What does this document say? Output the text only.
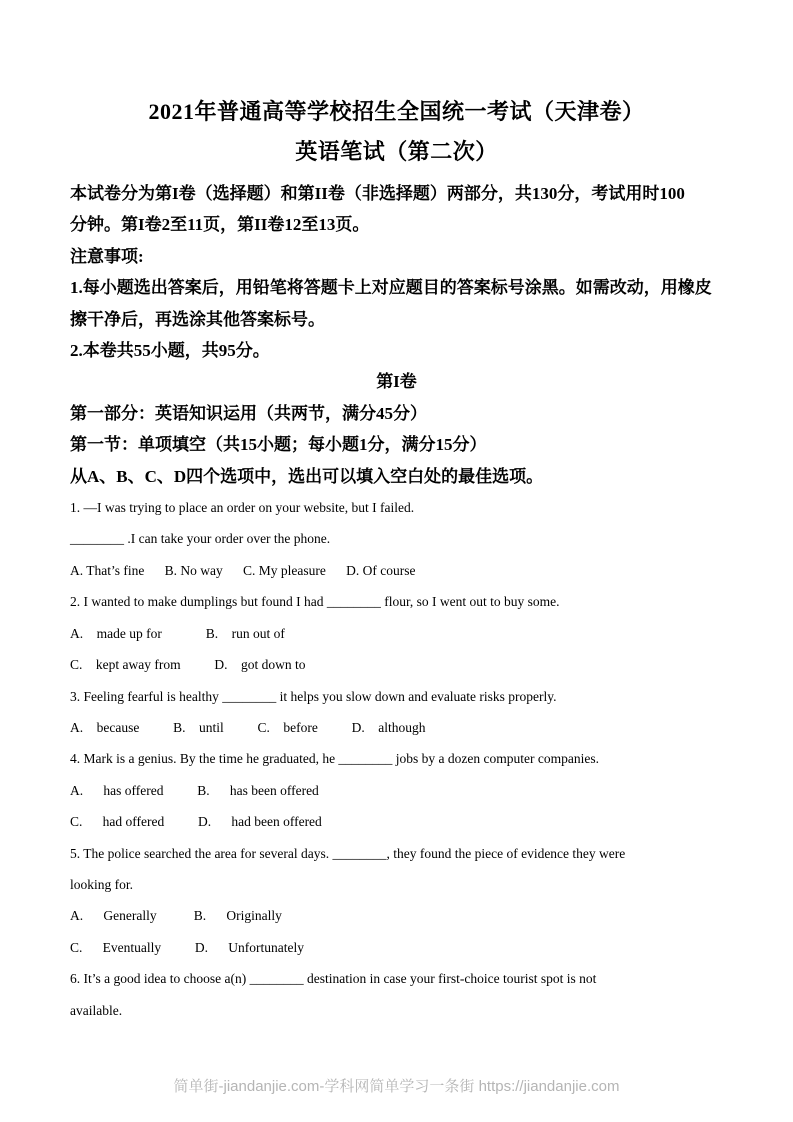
2021年普通高等学校招生全国统一考试（天津卷）
英语笔试（第二次）
本试卷分为第I卷（选择题）和第II卷（非选择题）两部分，共130分，考试用时100
分钟。第I卷2至11页，第II卷12至13页。
注意事项:
1.每小题选出答案后，用铅笔将答题卡上对应题目的答案标号涂黑。如需改动，用橡皮
擦干净后，再选涂其他答案标号。
2.本卷共55小题，共95分。
第I卷
第一部分：英语知识运用（共两节，满分45分）
第一节：单项填空（共15小题；每小题1分，满分15分）
从A、B、C、D四个选项中，选出可以填入空白处的最佳选项。
1. —I was trying to place an order on your website, but I failed.
________ .I can take your order over the phone.
A. That’s fine      B. No way      C. My pleasure      D. Of course
2. I wanted to make dumplings but found I had ________ flour, so I went out to buy some.
A.    made up for             B.    run out of
C.    kept away from          D.    got down to
3. Feeling fearful is healthy ________ it helps you slow down and evaluate risks properly.
A.    because          B.    until          C.    before          D.    although
4. Mark is a genius. By the time he graduated, he ________ jobs by a dozen computer companies.
A.      has offered          B.      has been offered
C.      had offered          D.      had been offered
5. The police searched the area for several days. ________, they found the piece of evidence they were
looking for.
A.      Generally           B.      Originally
C.      Eventually          D.      Unfortunately
6. It’s a good idea to choose a(n) ________ destination in case your first-choice tourist spot is not
available.
简单街-jiandanjie.com-学科网简单学习一条街 https://jiandanjie.com
